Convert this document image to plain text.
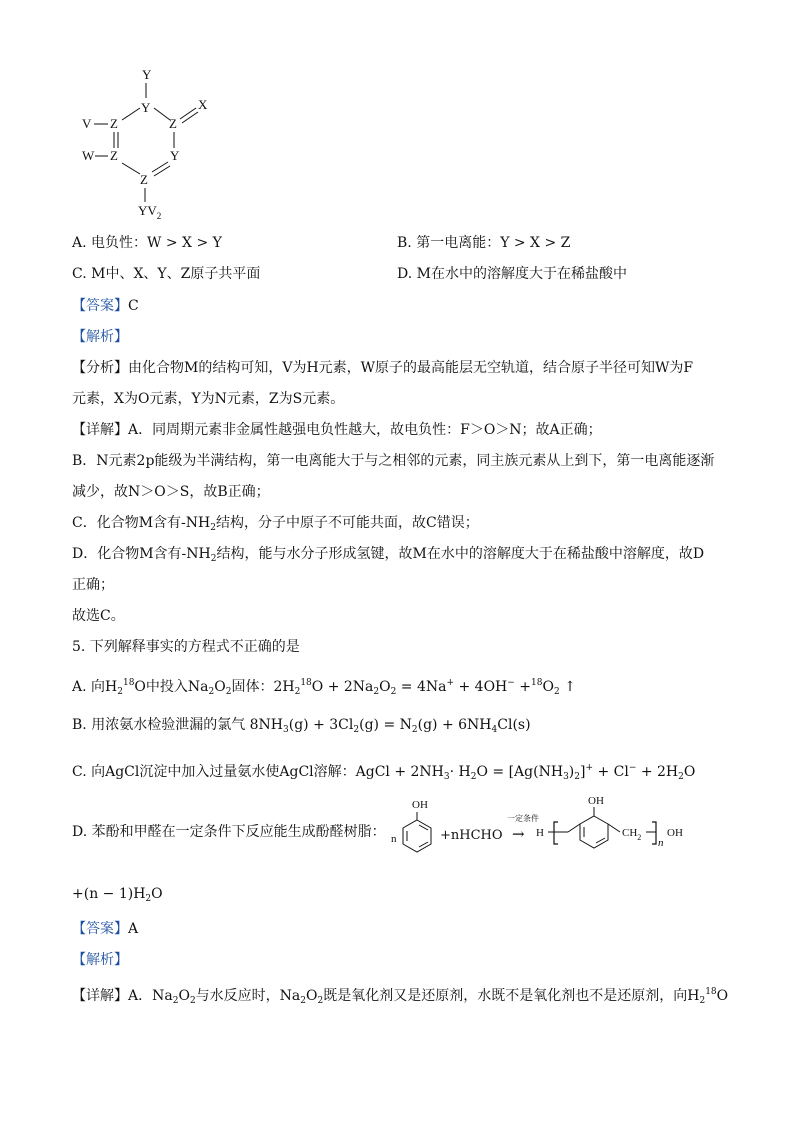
Y
Y
Z
X
V Z
W Z	Y
Z
$YV_2$
A. 电负性：W > X > Y	B. 第一电离能：Y > X > Z
C. M中、X、Y、Z原子共平面	D. M在水中的溶解度大于在稀盐酸中
【答案】C
【解析】
【分析】由化合物M的结构可知，V为H元素，W原子的最高能层无空轨道，结合原子半径可知W为F
元素，X为O元素，Y为N元素，Z为S元素。
【详解】A．同周期元素非金属性越强电负性越大，故电负性：F＞O＞N；故A正确；
B．N元素2p能级为半满结构，第一电离能大于与之相邻的元素，同主族元素从上到下，第一电离能逐渐
减少，故N＞O＞S，故B正确；
C．化合物M含有$-NH_2$结构，分子中原子不可能共面，故C错误；
D．化合物M含有$-NH_2$结构，能与水分子形成氢键，故M在水中的溶解度大于在稀盐酸中溶解度，故D
正确；
故选C。
5. 下列解释事实的方程式不正确的是
A. 向$H_2^{18}O$中投入$Na_2O_2$固体：$2H_2^{18}O + 2Na_2O_2 = 4Na^+ + 4OH^- +^{18}O_2$ ↑
B. 用浓氨水检验泄漏的氯气 $8NH_3(g) + 3Cl_2(g) = N_2(g) + 6NH_4Cl(s)$
C. 向AgCl沉淀中加入过量氨水使AgCl溶解：AgCl + $2NH_3\cdot H_2O = [Ag(NH_3)_2]^+ + Cl^- + 2H_2O$
D. 苯酚和甲醛在一定条件下反应能生成酚醛树脂：
OH
n	+nHCHO
一定条件
→ H
OH
$CH_2$ n
OH
$+(n - 1)H_2O$
【答案】A
【解析】
【详解】A．$Na_2O_2$与水反应时，$Na_2O_2$既是氧化剂又是还原剂，水既不是氧化剂也不是还原剂，向$H_2^{18}O$
